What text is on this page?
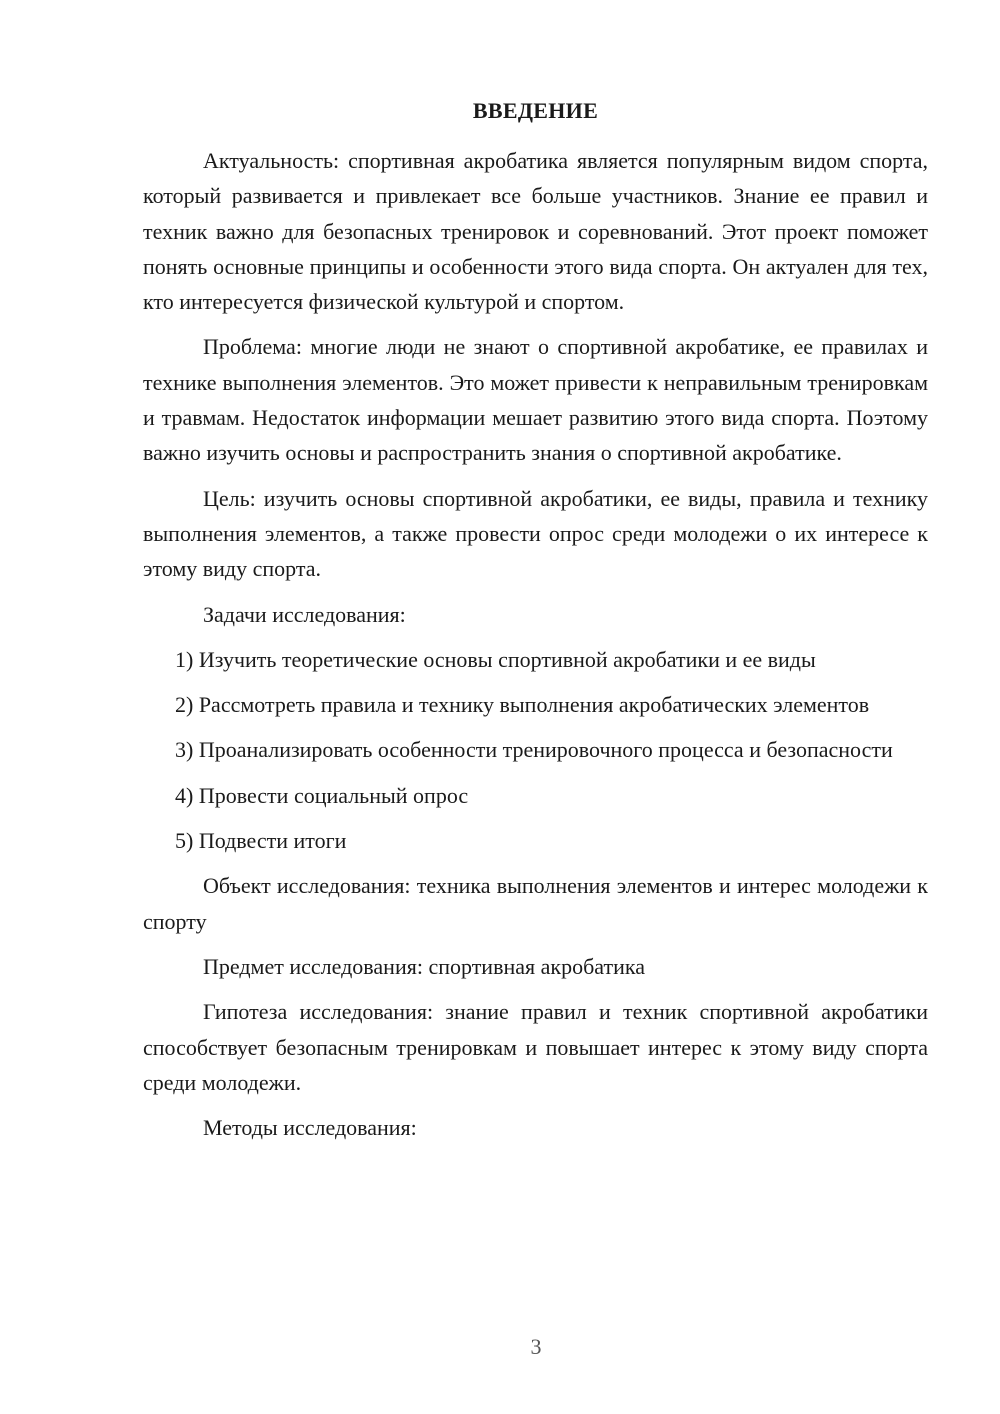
ВВЕДЕНИЕ

Актуальность: спортивная акробатика является популярным видом спорта, который развивается и привлекает все больше участников. Знание ее правил и техник важно для безопасных тренировок и соревнований. Этот проект поможет понять основные принципы и особенности этого вида спорта. Он актуален для тех, кто интересуется физической культурой и спортом.

Проблема: многие люди не знают о спортивной акробатике, ее правилах и технике выполнения элементов. Это может привести к неправильным тренировкам и травмам. Недостаток информации мешает развитию этого вида спорта. Поэтому важно изучить основы и распространить знания о спортивной акробатике.

Цель: изучить основы спортивной акробатики, ее виды, правила и технику выполнения элементов, а также провести опрос среди молодежи о их интересе к этому виду спорта.

Задачи исследования:

1) Изучить теоретические основы спортивной акробатики и ее виды

2) Рассмотреть правила и технику выполнения акробатических элементов

3) Проанализировать особенности тренировочного процесса и безопасности

4) Провести социальный опрос

5) Подвести итоги

Объект исследования: техника выполнения элементов и интерес молодежи к спорту

Предмет исследования: спортивная акробатика

Гипотеза исследования: знание правил и техник спортивной акробатики способствует безопасным тренировкам и повышает интерес к этому виду спорта среди молодежи.

Методы исследования:

3
